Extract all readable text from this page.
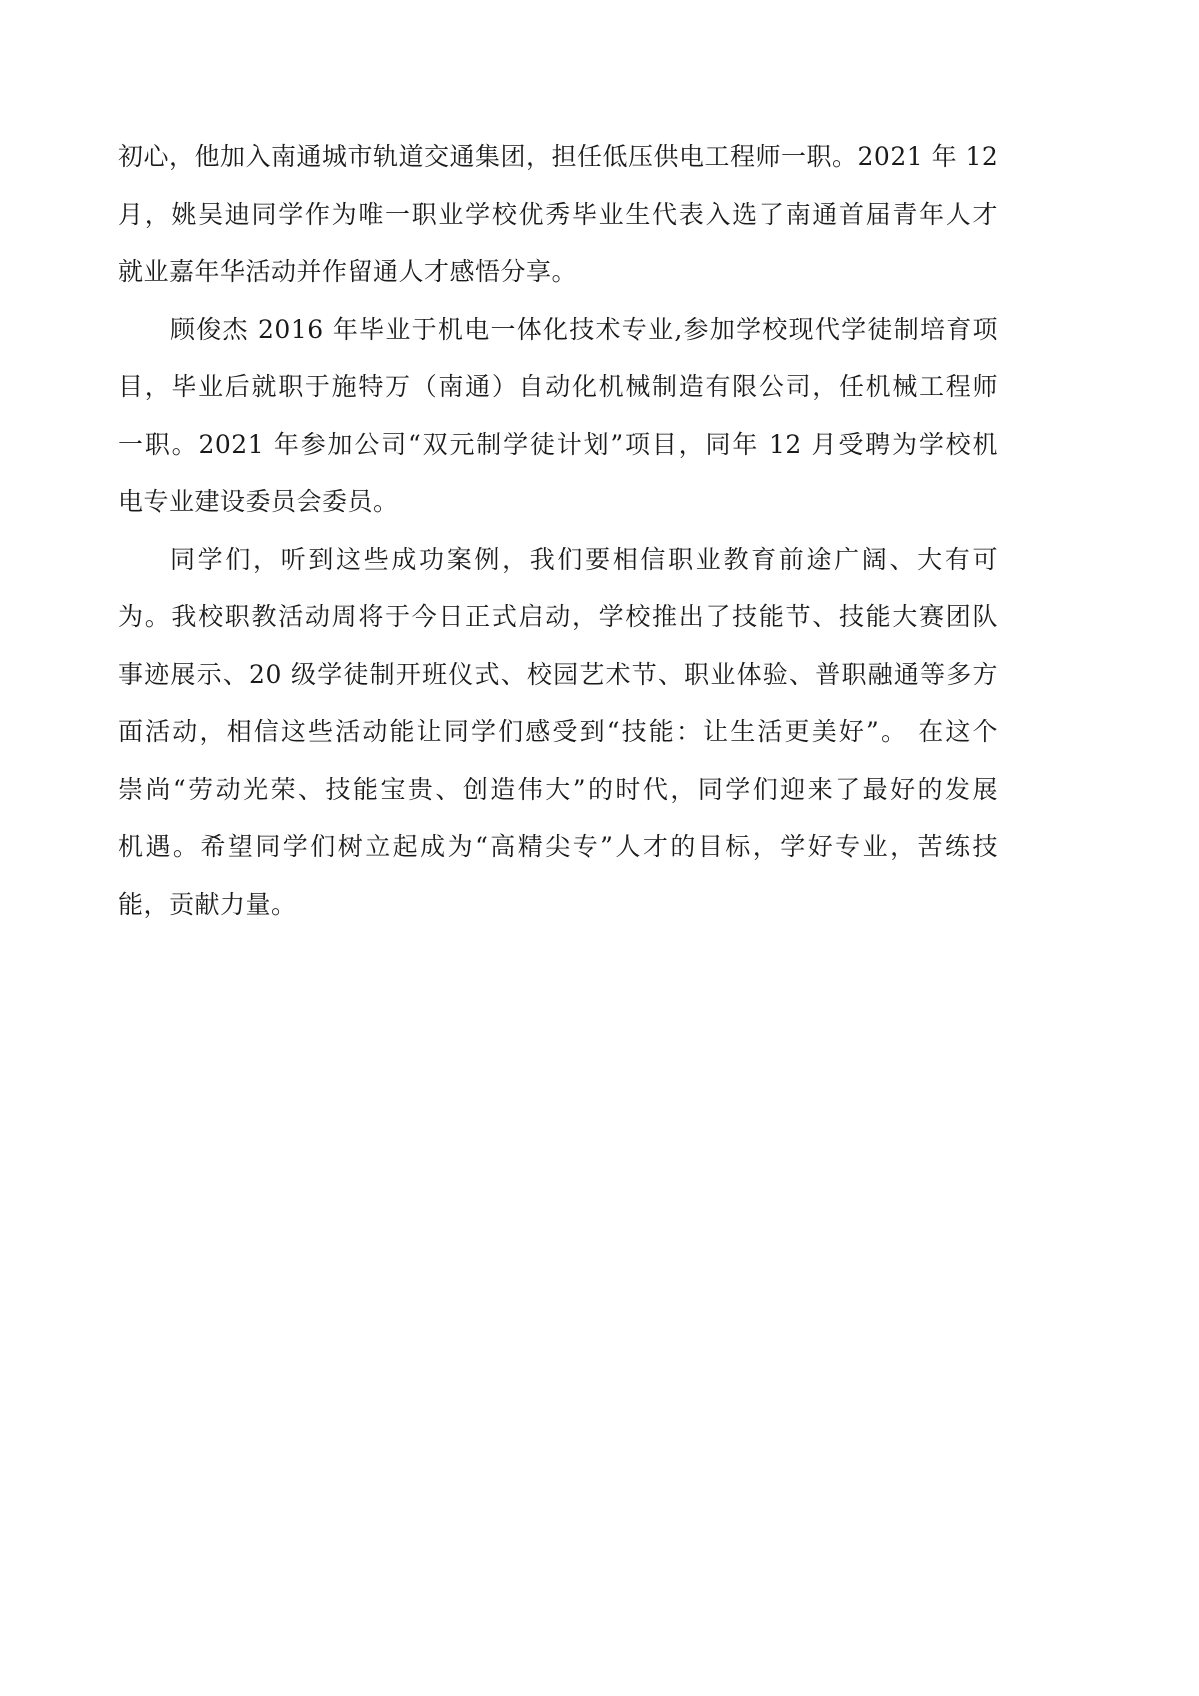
初心，他加入南通城市轨道交通集团，担任低压供电工程师一职。2021 年 12
月，姚吴迪同学作为唯一职业学校优秀毕业生代表入选了南通首届青年人才
就业嘉年华活动并作留通人才感悟分享。
顾俊杰 2016 年毕业于机电一体化技术专业,参加学校现代学徒制培育项
目，毕业后就职于施特万（南通）自动化机械制造有限公司，任机械工程师
一职。2021 年参加公司“双元制学徒计划”项目，同年 12 月受聘为学校机
电专业建设委员会委员。
同学们，听到这些成功案例，我们要相信职业教育前途广阔、大有可
为。我校职教活动周将于今日正式启动，学校推出了技能节、技能大赛团队
事迹展示、20 级学徒制开班仪式、校园艺术节、职业体验、普职融通等多方
面活动，相信这些活动能让同学们感受到“技能：让生活更美好”。 在这个
崇尚“劳动光荣、技能宝贵、创造伟大”的时代，同学们迎来了最好的发展
机遇。希望同学们树立起成为“高精尖专”人才的目标，学好专业，苦练技
能，贡献力量。
